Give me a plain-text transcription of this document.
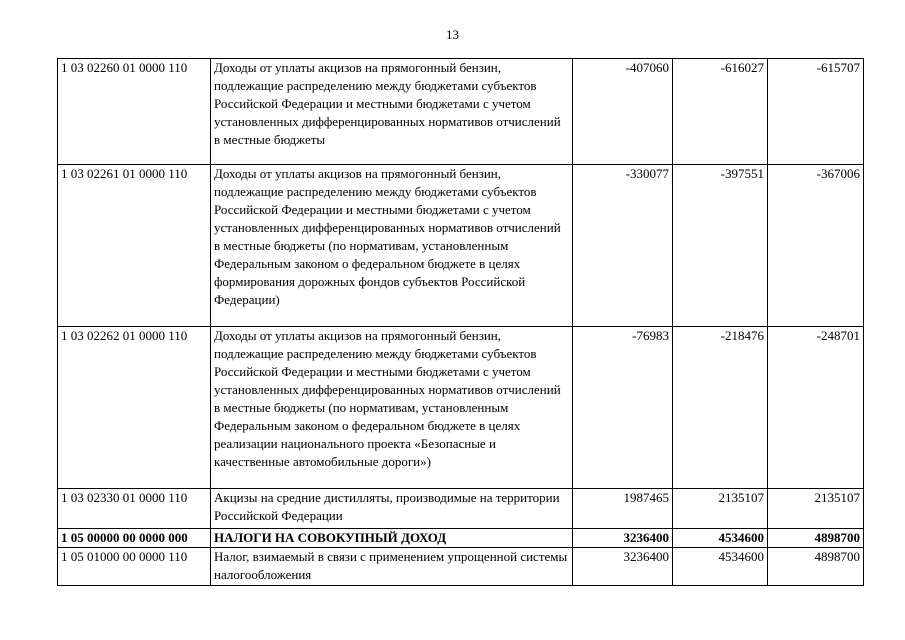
13
1 03 02260 01 0000 110	Доходы от уплаты акцизов на прямогонный бензин, подлежащие распределению между бюджетами субъектов Российской Федерации и местными бюджетами с учетом установленных дифференцированных нормативов отчислений в местные бюджеты	-407060	-616027	-615707
1 03 02261 01 0000 110	Доходы от уплаты акцизов на прямогонный бензин, подлежащие распределению между бюджетами субъектов Российской Федерации и местными бюджетами с учетом установленных дифференцированных нормативов отчислений в местные бюджеты (по нормативам, установленным Федеральным законом о федеральном бюджете в целях формирования дорожных фондов субъектов Российской Федерации)	-330077	-397551	-367006
1 03 02262 01 0000 110	Доходы от уплаты акцизов на прямогонный бензин, подлежащие распределению между бюджетами субъектов Российской Федерации и местными бюджетами с учетом установленных дифференцированных нормативов отчислений в местные бюджеты (по нормативам, установленным Федеральным законом о федеральном бюджете в целях реализации национального проекта «Безопасные и качественные автомобильные дороги»)	-76983	-218476	-248701
1 03 02330 01 0000 110	Акцизы на средние дистилляты, производимые на территории Российской Федерации	1987465	2135107	2135107
1 05 00000 00 0000 000	НАЛОГИ НА СОВОКУПНЫЙ ДОХОД	3236400	4534600	4898700
1 05 01000 00 0000 110	Налог, взимаемый в связи с применением упрощенной системы налогообложения	3236400	4534600	4898700
